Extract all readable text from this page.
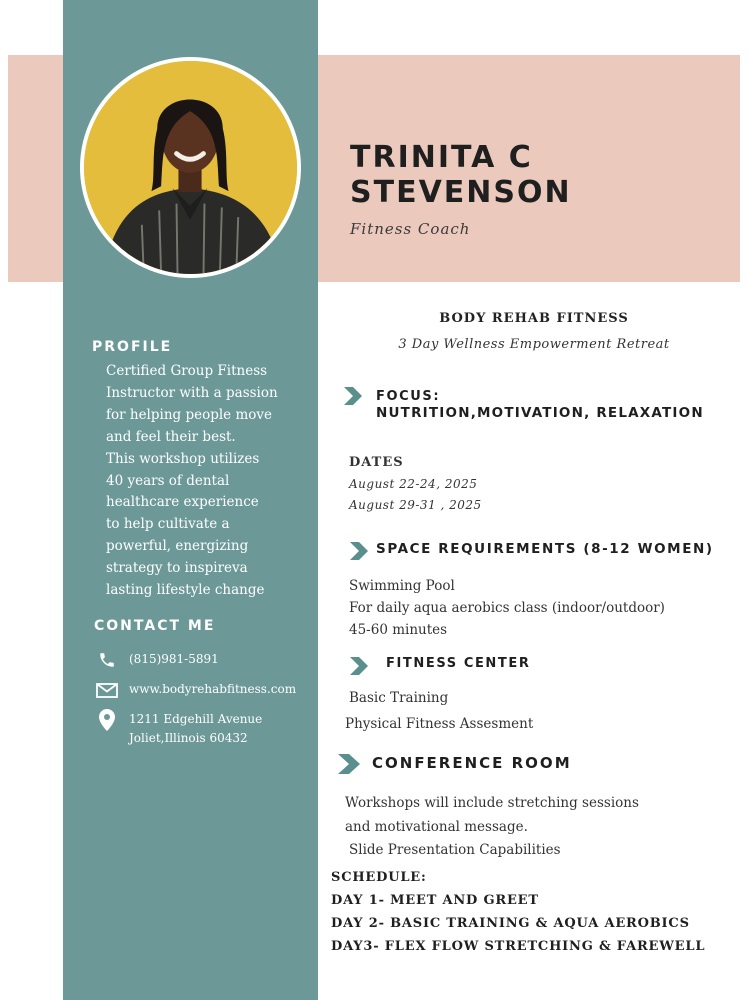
TRINITA C
STEVENSON
Fitness Coach
PROFILE
Certified Group Fitness
Instructor with a passion
for helping people move
and feel their best.
This workshop utilizes
40 years of dental
healthcare experience
to help cultivate a
powerful, energizing
strategy to inspireva
lasting lifestyle change
CONTACT ME
(815)981-5891
www.bodyrehabfitness.com
1211 Edgehill Avenue
Joliet,Illinois 60432
BODY REHAB FITNESS
3 Day Wellness Empowerment Retreat
FOCUS:
NUTRITION,MOTIVATION, RELAXATION
DATES
August 22-24, 2025
August 29-31 , 2025
SPACE REQUIREMENTS (8-12 WOMEN)
Swimming Pool
For daily aqua aerobics class (indoor/outdoor)
45-60 minutes
FITNESS CENTER
Basic Training
Physical Fitness Assesment
CONFERENCE ROOM
Workshops will include stretching sessions
and motivational message.
Slide Presentation Capabilities
SCHEDULE:
DAY 1- MEET AND GREET
DAY 2- BASIC TRAINING & AQUA AEROBICS
DAY3- FLEX FLOW STRETCHING & FAREWELL
